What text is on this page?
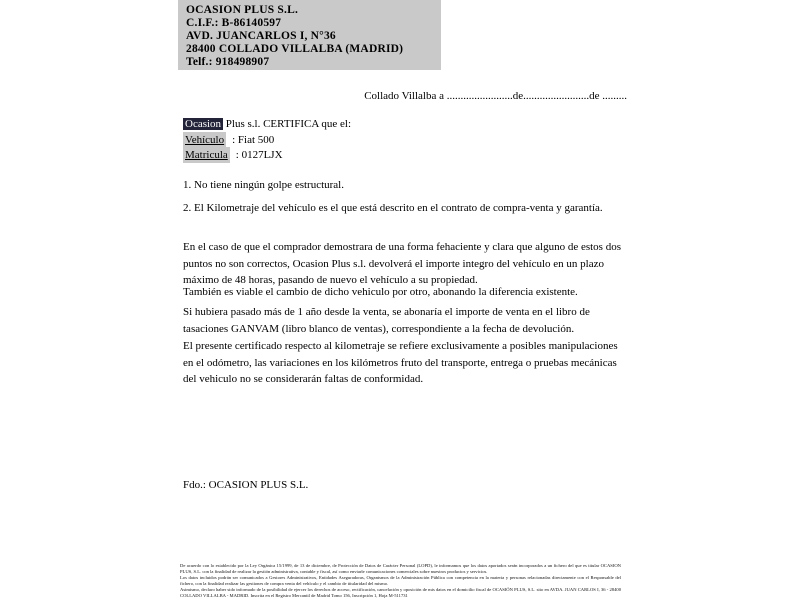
OCASION PLUS S.L.
C.I.F.: B-86140597
AVD. JUANCARLOS I, N°36
28400 COLLADO VILLALBA (MADRID)
Telf.: 918498907
Collado Villalba a ........................de........................de .........
Ocasion Plus s.l. CERTIFICA que el:
Vehículo : Fiat 500
Matricula : 0127LJX
1. No tiene ningún golpe estructural.
2. El Kilometraje del vehículo es el que está descrito en el contrato de compra-venta y garantía.
En el caso de que el comprador demostrara de una forma fehaciente y clara que alguno de estos dos puntos no son correctos, Ocasion Plus s.l. devolverá el importe integro del vehículo en un plazo máximo de 48 horas, pasando de nuevo el vehículo a su propiedad.
También es viable el cambio de dicho vehiculo por otro, abonando la diferencia existente.
Si hubiera pasado más de 1 año desde la venta, se abonaría el importe de venta en el libro de tasaciones GANVAM (libro blanco de ventas), correspondiente a la fecha de devolución.
El presente certificado respecto al kilometraje se refiere exclusivamente a posibles manipulaciones en el odómetro, las variaciones en los kilómetros fruto del transporte, entrega o pruebas mecánicas del vehiculo no se considerarán faltas de conformidad.
Fdo.: OCASION PLUS S.L.

De acuerdo con lo establecido por la Ley Orgánica 15/1999, de 13 de diciembre, de Protección de Datos de Carácter Personal (LOPD), le informamos que los datos aportados serán incorporados a un fichero del que es titular OCASION PLUS, S.L. con la finalidad de realizar la gestión administrativa, contable y fiscal, así como enviarle comunicaciones comerciales sobre nuestros productos y servicios.

Los datos incluidos podrán ser comunicados a Gestores Administrativos, Entidades Aseguradoras, Organismos de la Administración Pública con competencia en la materia y personas relacionadas directamente con el Responsable del fichero, con la finalidad realizar las gestiones de compra venta del vehículo y el cambio de titularidad del mismo.

Asimismo, declaro haber sido informado de la posibilidad de ejercer los derechos de acceso, rectificación, cancelación y oposición de mis datos en el domicilio fiscal de OCASIÓN PLUS, S.L. sito en AVDA. JUAN CARLOS I, 36 - 28400 COLLADO VILLALBA - MADRID. Inscrita en el Registro Mercantil de Madrid Tomo 156, Inscripción 1, Hoja M-511731
